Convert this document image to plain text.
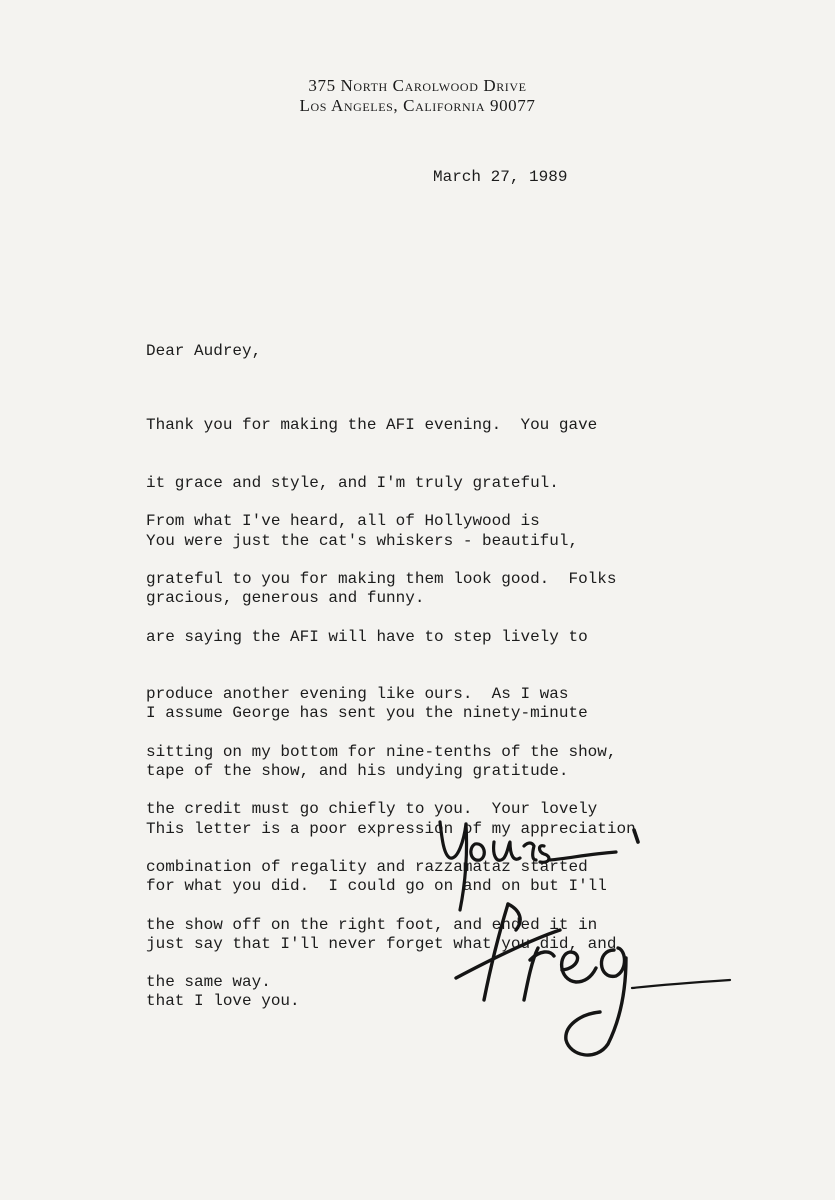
375 North Carolwood Drive
Los Angeles, California 90077
March 27, 1989
Dear Audrey,

Thank you for making the AFI evening.  You gave

it grace and style, and I'm truly grateful.

You were just the cat's whiskers - beautiful,

gracious, generous and funny.

From what I've heard, all of Hollywood is

grateful to you for making them look good.  Folks

are saying the AFI will have to step lively to

produce another evening like ours.  As I was

sitting on my bottom for nine-tenths of the show,

the credit must go chiefly to you.  Your lovely

combination of regality and razzamataz started

the show off on the right foot, and ended it in

the same way.

I assume George has sent you the ninety-minute

tape of the show, and his undying gratitude.

This letter is a poor expression of my appreciation

for what you did.  I could go on and on but I'll

just say that I'll never forget what you did, and

that I love you.
